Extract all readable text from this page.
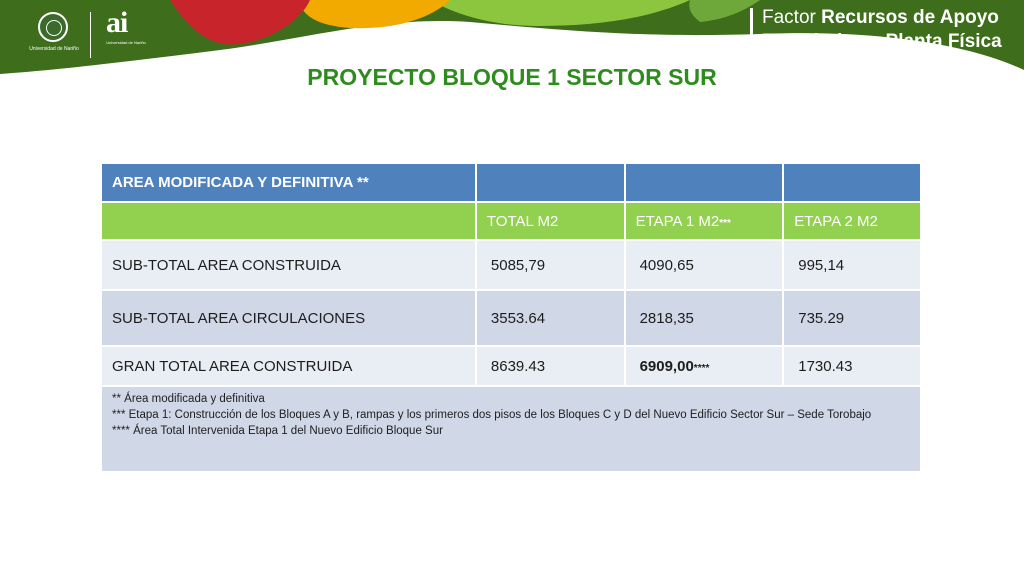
Universidad de Nariño
ai
Universidad de Nariño
Factor Recursos de Apoyo
Económico y Planta Física
PROYECTO BLOQUE 1 SECTOR SUR
AREA MODIFICADA Y DEFINITIVA **			
	TOTAL M2	ETAPA 1 M2***	ETAPA 2 M2
SUB-TOTAL AREA CONSTRUIDA	5085,79	4090,65	995,14
SUB-TOTAL AREA CIRCULACIONES	3553.64	2818,35	735.29
GRAN TOTAL AREA CONSTRUIDA	8639.43	6909,00****	1730.43

** Área modificada y definitiva
*** Etapa 1: Construcción de los Bloques A y B, rampas y los primeros dos pisos de los Bloques C y D del Nuevo Edificio Sector Sur – Sede Torobajo
**** Área Total Intervenida Etapa 1 del Nuevo Edificio Bloque Sur			
